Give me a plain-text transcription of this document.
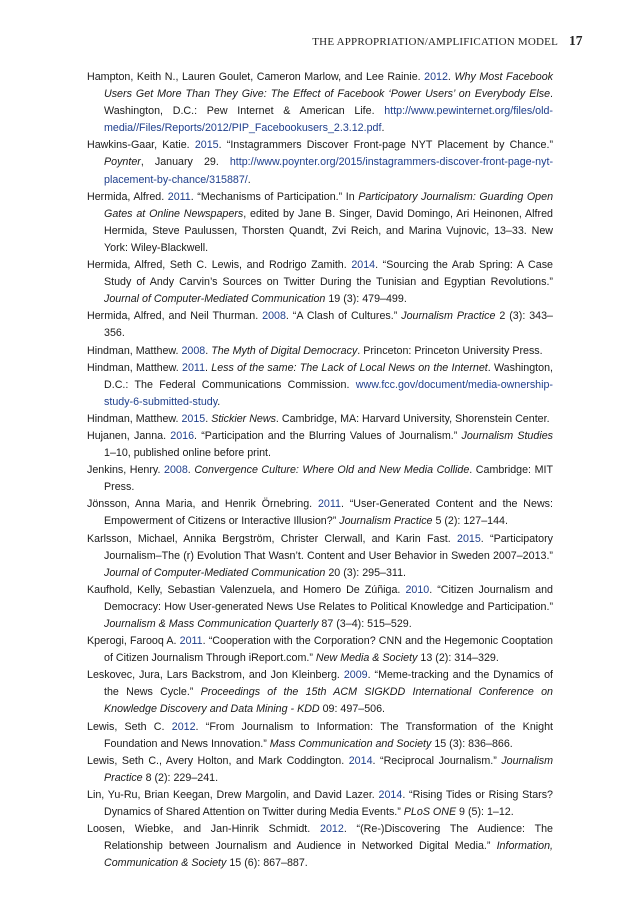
THE APPROPRIATION/AMPLIFICATION MODEL 17
Hampton, Keith N., Lauren Goulet, Cameron Marlow, and Lee Rainie. 2012. Why Most Facebook Users Get More Than They Give: The Effect of Facebook ‘Power Users’ on Everybody Else. Washington, D.C.: Pew Internet & American Life. http://www.pewinternet.org/files/old-media//Files/Reports/2012/PIP_Facebookusers_2.3.12.pdf.
Hawkins-Gaar, Katie. 2015. “Instagrammers Discover Front-page NYT Placement by Chance.” Poynter, January 29. http://www.poynter.org/2015/instagrammers-discover-front-page-nyt-placement-by-chance/315887/.
Hermida, Alfred. 2011. “Mechanisms of Participation.” In Participatory Journalism: Guarding Open Gates at Online Newspapers, edited by Jane B. Singer, David Domingo, Ari Heinonen, Alfred Hermida, Steve Paulussen, Thorsten Quandt, Zvi Reich, and Marina Vujnovic, 13–33. New York: Wiley-Blackwell.
Hermida, Alfred, Seth C. Lewis, and Rodrigo Zamith. 2014. “Sourcing the Arab Spring: A Case Study of Andy Carvin’s Sources on Twitter During the Tunisian and Egyptian Revolutions.” Journal of Computer-Mediated Communication 19 (3): 479–499.
Hermida, Alfred, and Neil Thurman. 2008. “A Clash of Cultures.” Journalism Practice 2 (3): 343–356.
Hindman, Matthew. 2008. The Myth of Digital Democracy. Princeton: Princeton University Press.
Hindman, Matthew. 2011. Less of the same: The Lack of Local News on the Internet. Washington, D.C.: The Federal Communications Commission. www.fcc.gov/document/media-ownership-study-6-submitted-study.
Hindman, Matthew. 2015. Stickier News. Cambridge, MA: Harvard University, Shorenstein Center.
Hujanen, Janna. 2016. “Participation and the Blurring Values of Journalism.” Journalism Studies 1–10, published online before print.
Jenkins, Henry. 2008. Convergence Culture: Where Old and New Media Collide. Cambridge: MIT Press.
Jönsson, Anna Maria, and Henrik Örnebring. 2011. “User-Generated Content and the News: Empowerment of Citizens or Interactive Illusion?” Journalism Practice 5 (2): 127–144.
Karlsson, Michael, Annika Bergström, Christer Clerwall, and Karin Fast. 2015. “Participatory Journalism–The (r) Evolution That Wasn’t. Content and User Behavior in Sweden 2007–2013.” Journal of Computer-Mediated Communication 20 (3): 295–311.
Kaufhold, Kelly, Sebastian Valenzuela, and Homero De Zúñiga. 2010. “Citizen Journalism and Democracy: How User-generated News Use Relates to Political Knowledge and Participation.” Journalism & Mass Communication Quarterly 87 (3–4): 515–529.
Kperogi, Farooq A. 2011. “Cooperation with the Corporation? CNN and the Hegemonic Cooptation of Citizen Journalism Through iReport.com.” New Media & Society 13 (2): 314–329.
Leskovec, Jura, Lars Backstrom, and Jon Kleinberg. 2009. “Meme-tracking and the Dynamics of the News Cycle.” Proceedings of the 15th ACM SIGKDD International Conference on Knowledge Discovery and Data Mining - KDD 09: 497–506.
Lewis, Seth C. 2012. “From Journalism to Information: The Transformation of the Knight Foundation and News Innovation.” Mass Communication and Society 15 (3): 836–866.
Lewis, Seth C., Avery Holton, and Mark Coddington. 2014. “Reciprocal Journalism.” Journalism Practice 8 (2): 229–241.
Lin, Yu-Ru, Brian Keegan, Drew Margolin, and David Lazer. 2014. “Rising Tides or Rising Stars? Dynamics of Shared Attention on Twitter during Media Events.” PLoS ONE 9 (5): 1–12.
Loosen, Wiebke, and Jan-Hinrik Schmidt. 2012. “(Re-)Discovering The Audience: The Relationship between Journalism and Audience in Networked Digital Media.” Information, Communication & Society 15 (6): 867–887.
